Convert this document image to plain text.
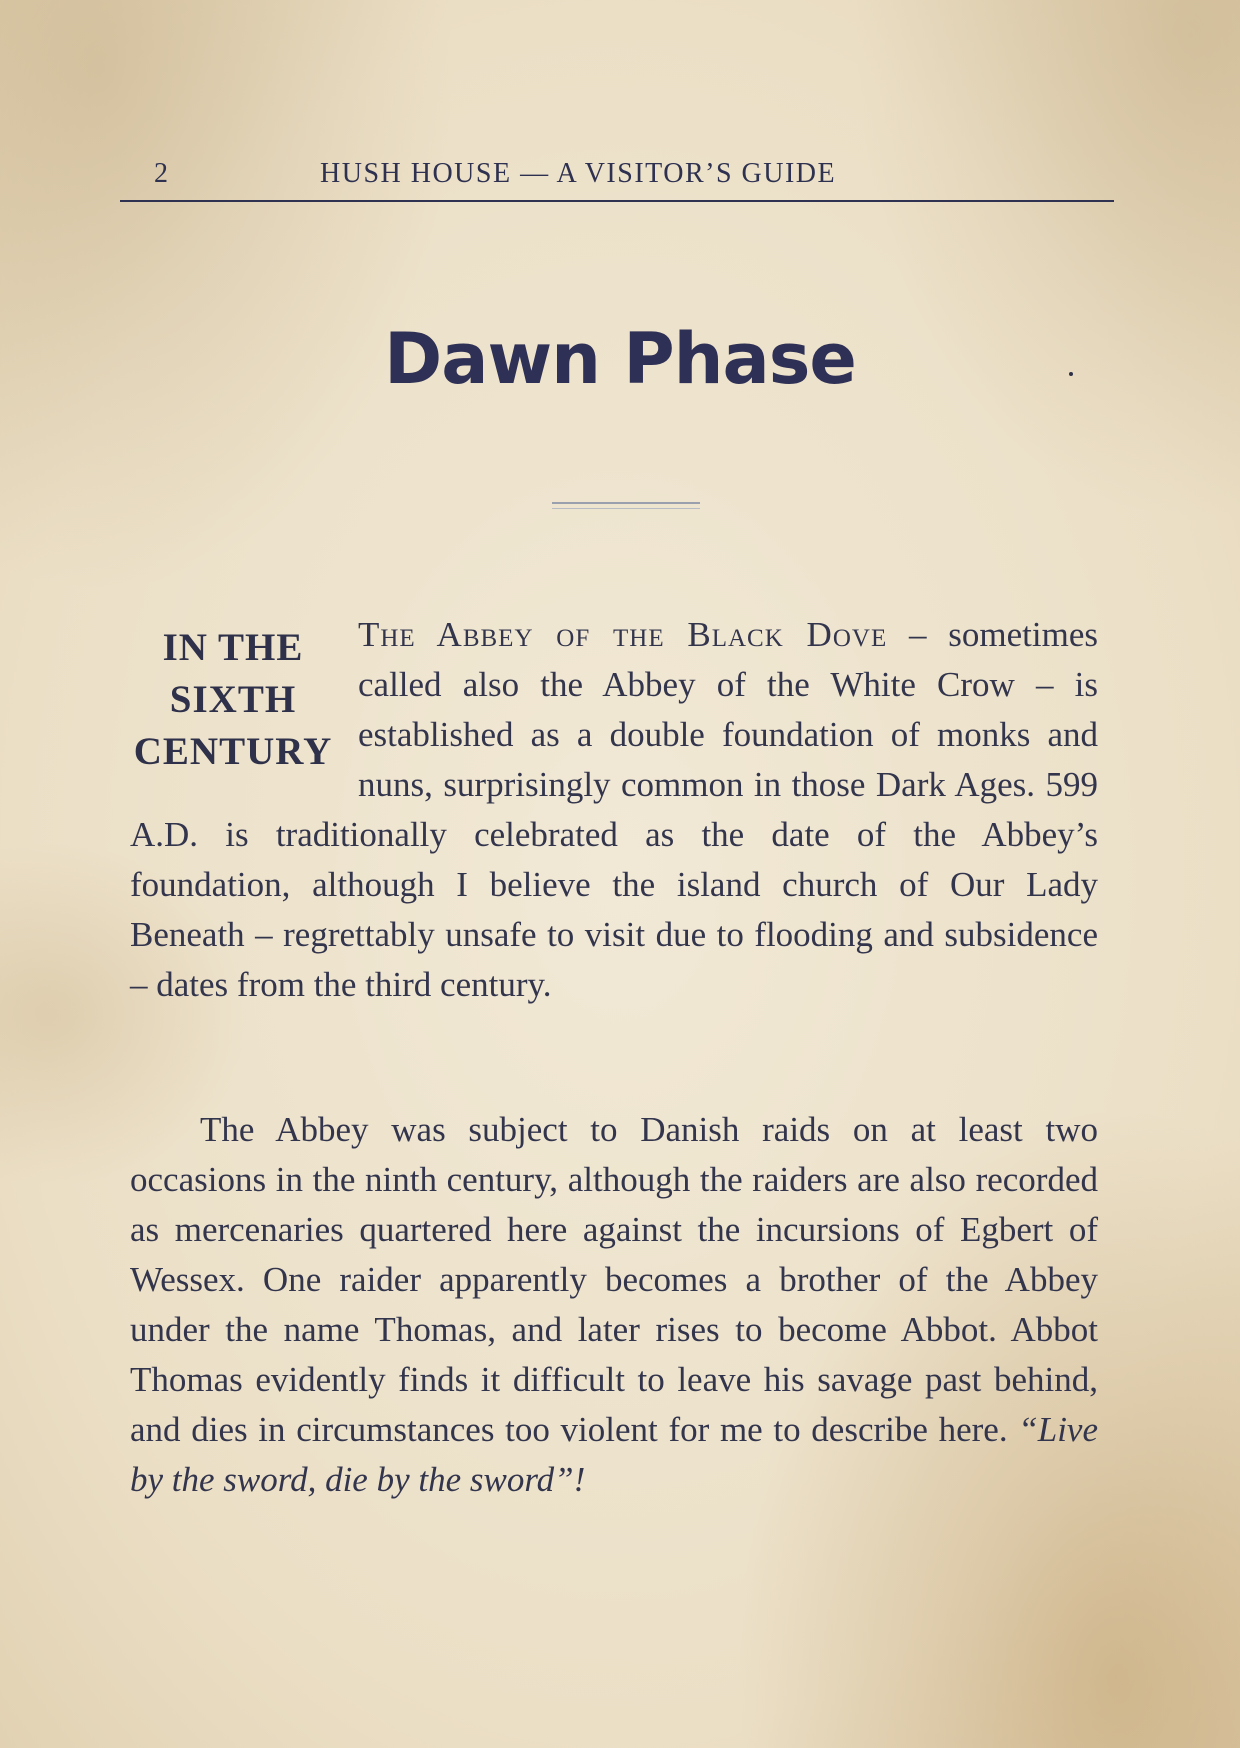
2	HUSH HOUSE — A VISITOR’S GUIDE
Dawn Phase
IN THE
SIXTH
CENTURY

The Abbey of the Black Dove – sometimes called also the Abbey of the White Crow – is established as a double foundation of monks and nuns, surprisingly common in those Dark Ages. 599 A.D. is traditionally celebrated as the date of the Abbey’s foundation, although I believe the island church of Our Lady Beneath – regrettably unsafe to visit due to flooding and subsidence – dates from the third century.

The Abbey was subject to Danish raids on at least two occasions in the ninth century, although the raiders are also recorded as mercenaries quartered here against the incursions of Egbert of Wessex. One raider apparently becomes a brother of the Abbey under the name Thomas, and later rises to become Abbot. Abbot Thomas evidently finds it difficult to leave his savage past behind, and dies in circumstances too violent for me to describe here. “Live by the sword, die by the sword”!
